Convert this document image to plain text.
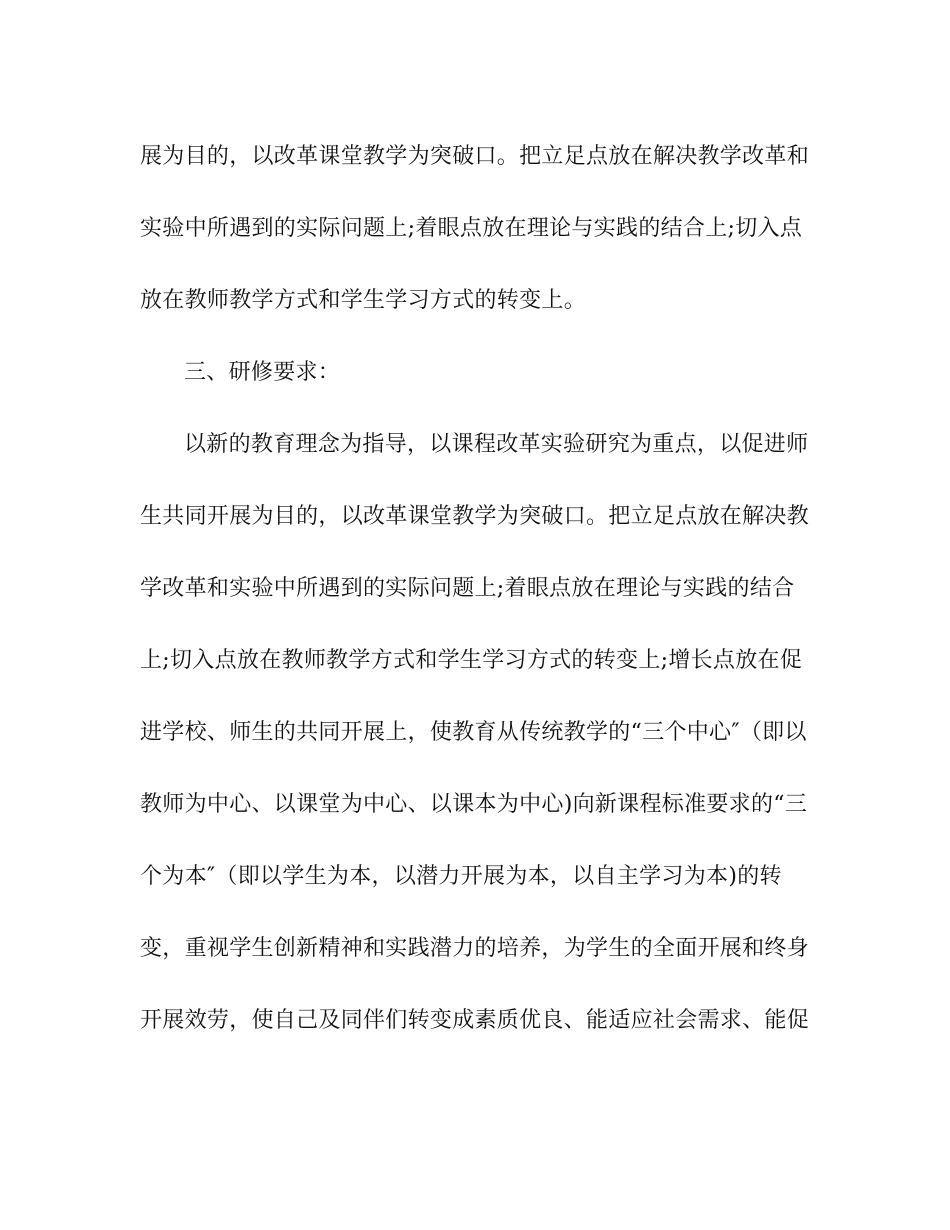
展为目的，以改革课堂教学为突破口。把立足点放在解决教学改革和
实验中所遇到的实际问题上;着眼点放在理论与实践的结合上;切入点
放在教师教学方式和学生学习方式的转变上。
三、研修要求：
以新的教育理念为指导，以课程改革实验研究为重点，以促进师
生共同开展为目的，以改革课堂教学为突破口。把立足点放在解决教
学改革和实验中所遇到的实际问题上;着眼点放在理论与实践的结合
上;切入点放在教师教学方式和学生学习方式的转变上;增长点放在促
进学校、师生的共同开展上，使教育从传统教学的“三个中心″（即以
教师为中心、以课堂为中心、以课本为中心)向新课程标准要求的“三
个为本″（即以学生为本，以潜力开展为本，以自主学习为本)的转
变，重视学生创新精神和实践潜力的培养，为学生的全面开展和终身
开展效劳，使自己及同伴们转变成素质优良、能适应社会需求、能促
